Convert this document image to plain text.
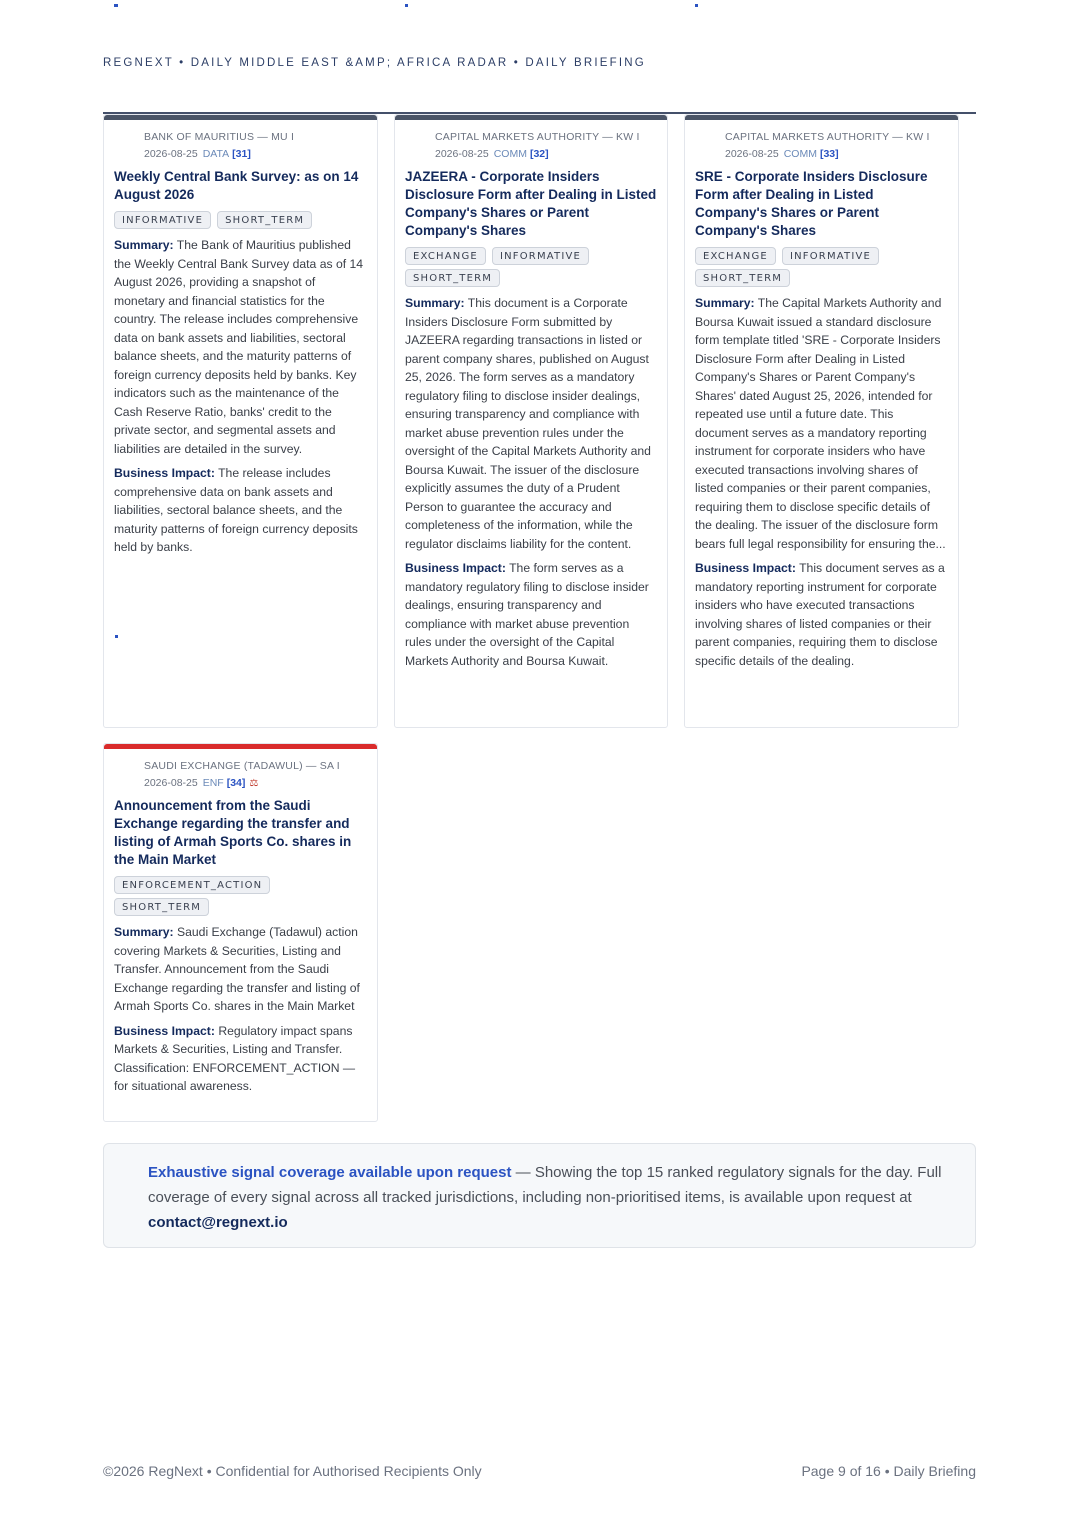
REGNEXT • DAILY MIDDLE EAST &AMP; AFRICA RADAR • DAILY BRIEFING
BANK OF MAURITIUS — MU I
2026-08-25 DATA [31]
Weekly Central Bank Survey: as on 14 August 2026
INFORMATIVE SHORT_TERM
Summary: The Bank of Mauritius published the Weekly Central Bank Survey data as of 14 August 2026, providing a snapshot of monetary and financial statistics for the country. The release includes comprehensive data on bank assets and liabilities, sectoral balance sheets, and the maturity patterns of foreign currency deposits held by banks. Key indicators such as the maintenance of the Cash Reserve Ratio, banks' credit to the private sector, and segmental assets and liabilities are detailed in the survey.
Business Impact: The release includes comprehensive data on bank assets and liabilities, sectoral balance sheets, and the maturity patterns of foreign currency deposits held by banks.
CAPITAL MARKETS AUTHORITY — KW I
2026-08-25 COMM [32]
JAZEERA - Corporate Insiders Disclosure Form after Dealing in Listed Company's Shares or Parent Company's Shares
EXCHANGE INFORMATIVESHORT_TERM
Summary: This document is a Corporate Insiders Disclosure Form submitted by JAZEERA regarding transactions in listed or parent company shares, published on August 25, 2026. The form serves as a mandatory regulatory filing to disclose insider dealings, ensuring transparency and compliance with market abuse prevention rules under the oversight of the Capital Markets Authority and Boursa Kuwait. The issuer of the disclosure explicitly assumes the duty of a Prudent Person to guarantee the accuracy and completeness of the information, while the regulator disclaims liability for the content.
Business Impact: The form serves as a mandatory regulatory filing to disclose insider dealings, ensuring transparency and compliance with market abuse prevention rules under the oversight of the Capital Markets Authority and Boursa Kuwait.
CAPITAL MARKETS AUTHORITY — KW I
2026-08-25 COMM [33]
SRE - Corporate Insiders Disclosure Form after Dealing in Listed Company's Shares or Parent Company's Shares
EXCHANGE INFORMATIVESHORT_TERM
Summary: The Capital Markets Authority and Boursa Kuwait issued a standard disclosure form template titled 'SRE - Corporate Insiders Disclosure Form after Dealing in Listed Company's Shares or Parent Company's Shares' dated August 25, 2026, intended for repeated use until a future date. This document serves as a mandatory reporting instrument for corporate insiders who have executed transactions involving shares of listed companies or their parent companies, requiring them to disclose specific details of the dealing. The issuer of the disclosure form bears full legal responsibility for ensuring the...
Business Impact: This document serves as a mandatory reporting instrument for corporate insiders who have executed transactions involving shares of listed companies or their parent companies, requiring them to disclose specific details of the dealing.
SAUDI EXCHANGE (TADAWUL) — SA I
2026-08-25 ENF [34] ⚖
Announcement from the Saudi Exchange regarding the transfer and listing of Armah Sports Co. shares in the Main Market
ENFORCEMENT_ACTION
SHORT_TERM
Summary: Saudi Exchange (Tadawul) action covering Markets & Securities, Listing and Transfer. Announcement from the Saudi Exchange regarding the transfer and listing of Armah Sports Co. shares in the Main Market
Business Impact: Regulatory impact spans Markets & Securities, Listing and Transfer. Classification: ENFORCEMENT_ACTION — for situational awareness.
Exhaustive signal coverage available upon request — Showing the top 15 ranked regulatory signals for the day. Full coverage of every signal across all tracked jurisdictions, including non-prioritised items, is available upon request at contact@regnext.io
©2026 RegNext • Confidential for Authorised Recipients Only	Page 9 of 16 • Daily Briefing
